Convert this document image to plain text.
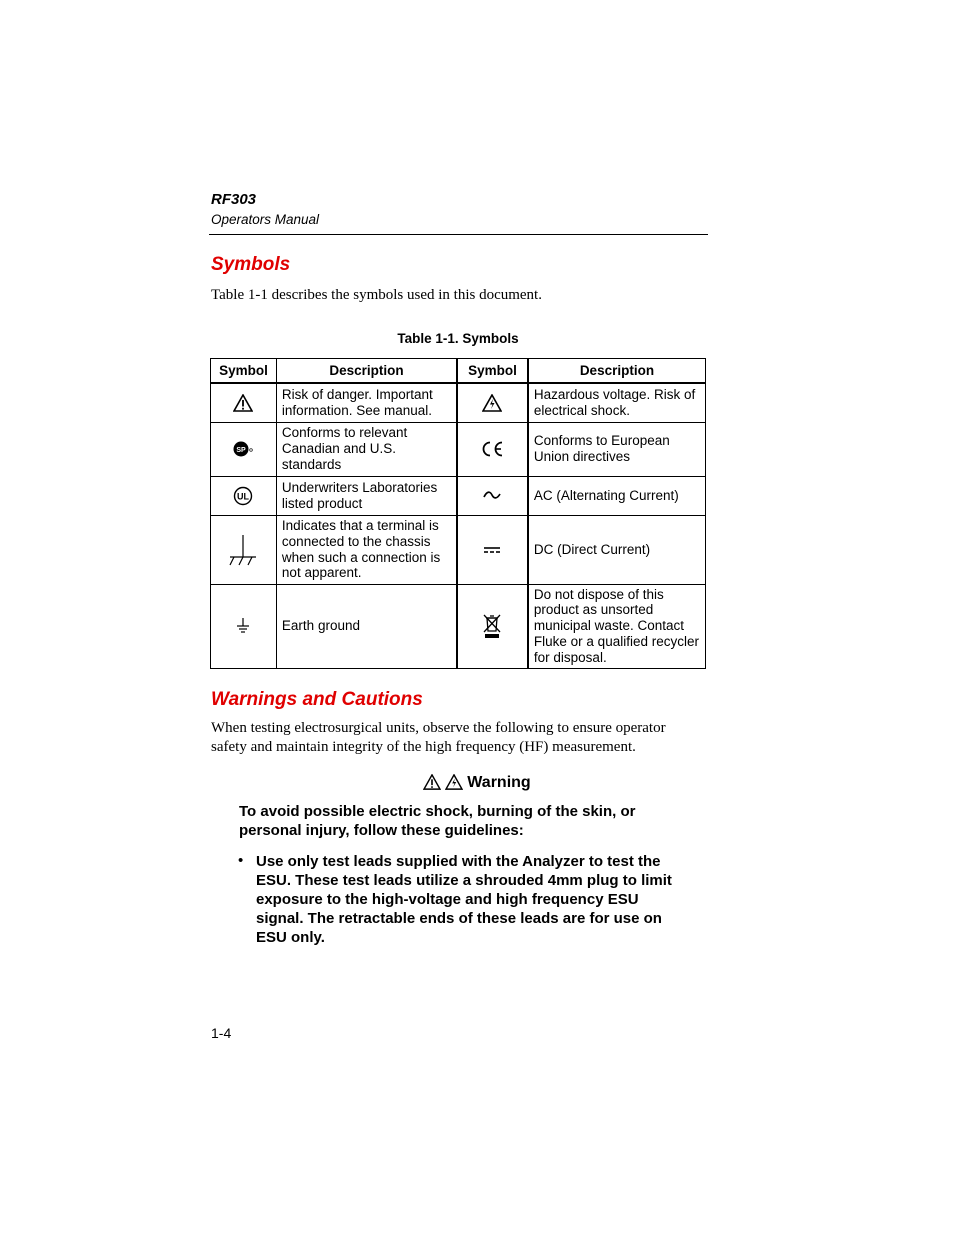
RF303
Operators Manual
Symbols
Table 1-1 describes the symbols used in this document.
Table 1-1. Symbols
Symbol	Description	Symbol	Description

	Risk of danger. Important information. See manual.		Hazardous voltage. Risk of electrical shock.

SP	Conforms to relevant Canadian and U.S. standards		Conforms to European Union directives

UL	Underwriters Laboratories listed product		AC (Alternating Current)

	Indicates that a terminal is connected to the chassis when such a connection is not apparent.		DC (Direct Current)

	Earth ground		Do not dispose of this product as unsorted municipal waste. Contact Fluke or a qualified recycler for disposal.
Warnings and Cautions
When testing electrosurgical units, observe the following to ensure operator safety and maintain integrity of the high frequency (HF) measurement.
Warning
To avoid possible electric shock, burning of the skin, or personal injury, follow these guidelines:
• Use only test leads supplied with the Analyzer to test the ESU. These test leads utilize a shrouded 4mm plug to limit exposure to the high-voltage and high frequency ESU signal. The retractable ends of these leads are for use on ESU only.
1-4
